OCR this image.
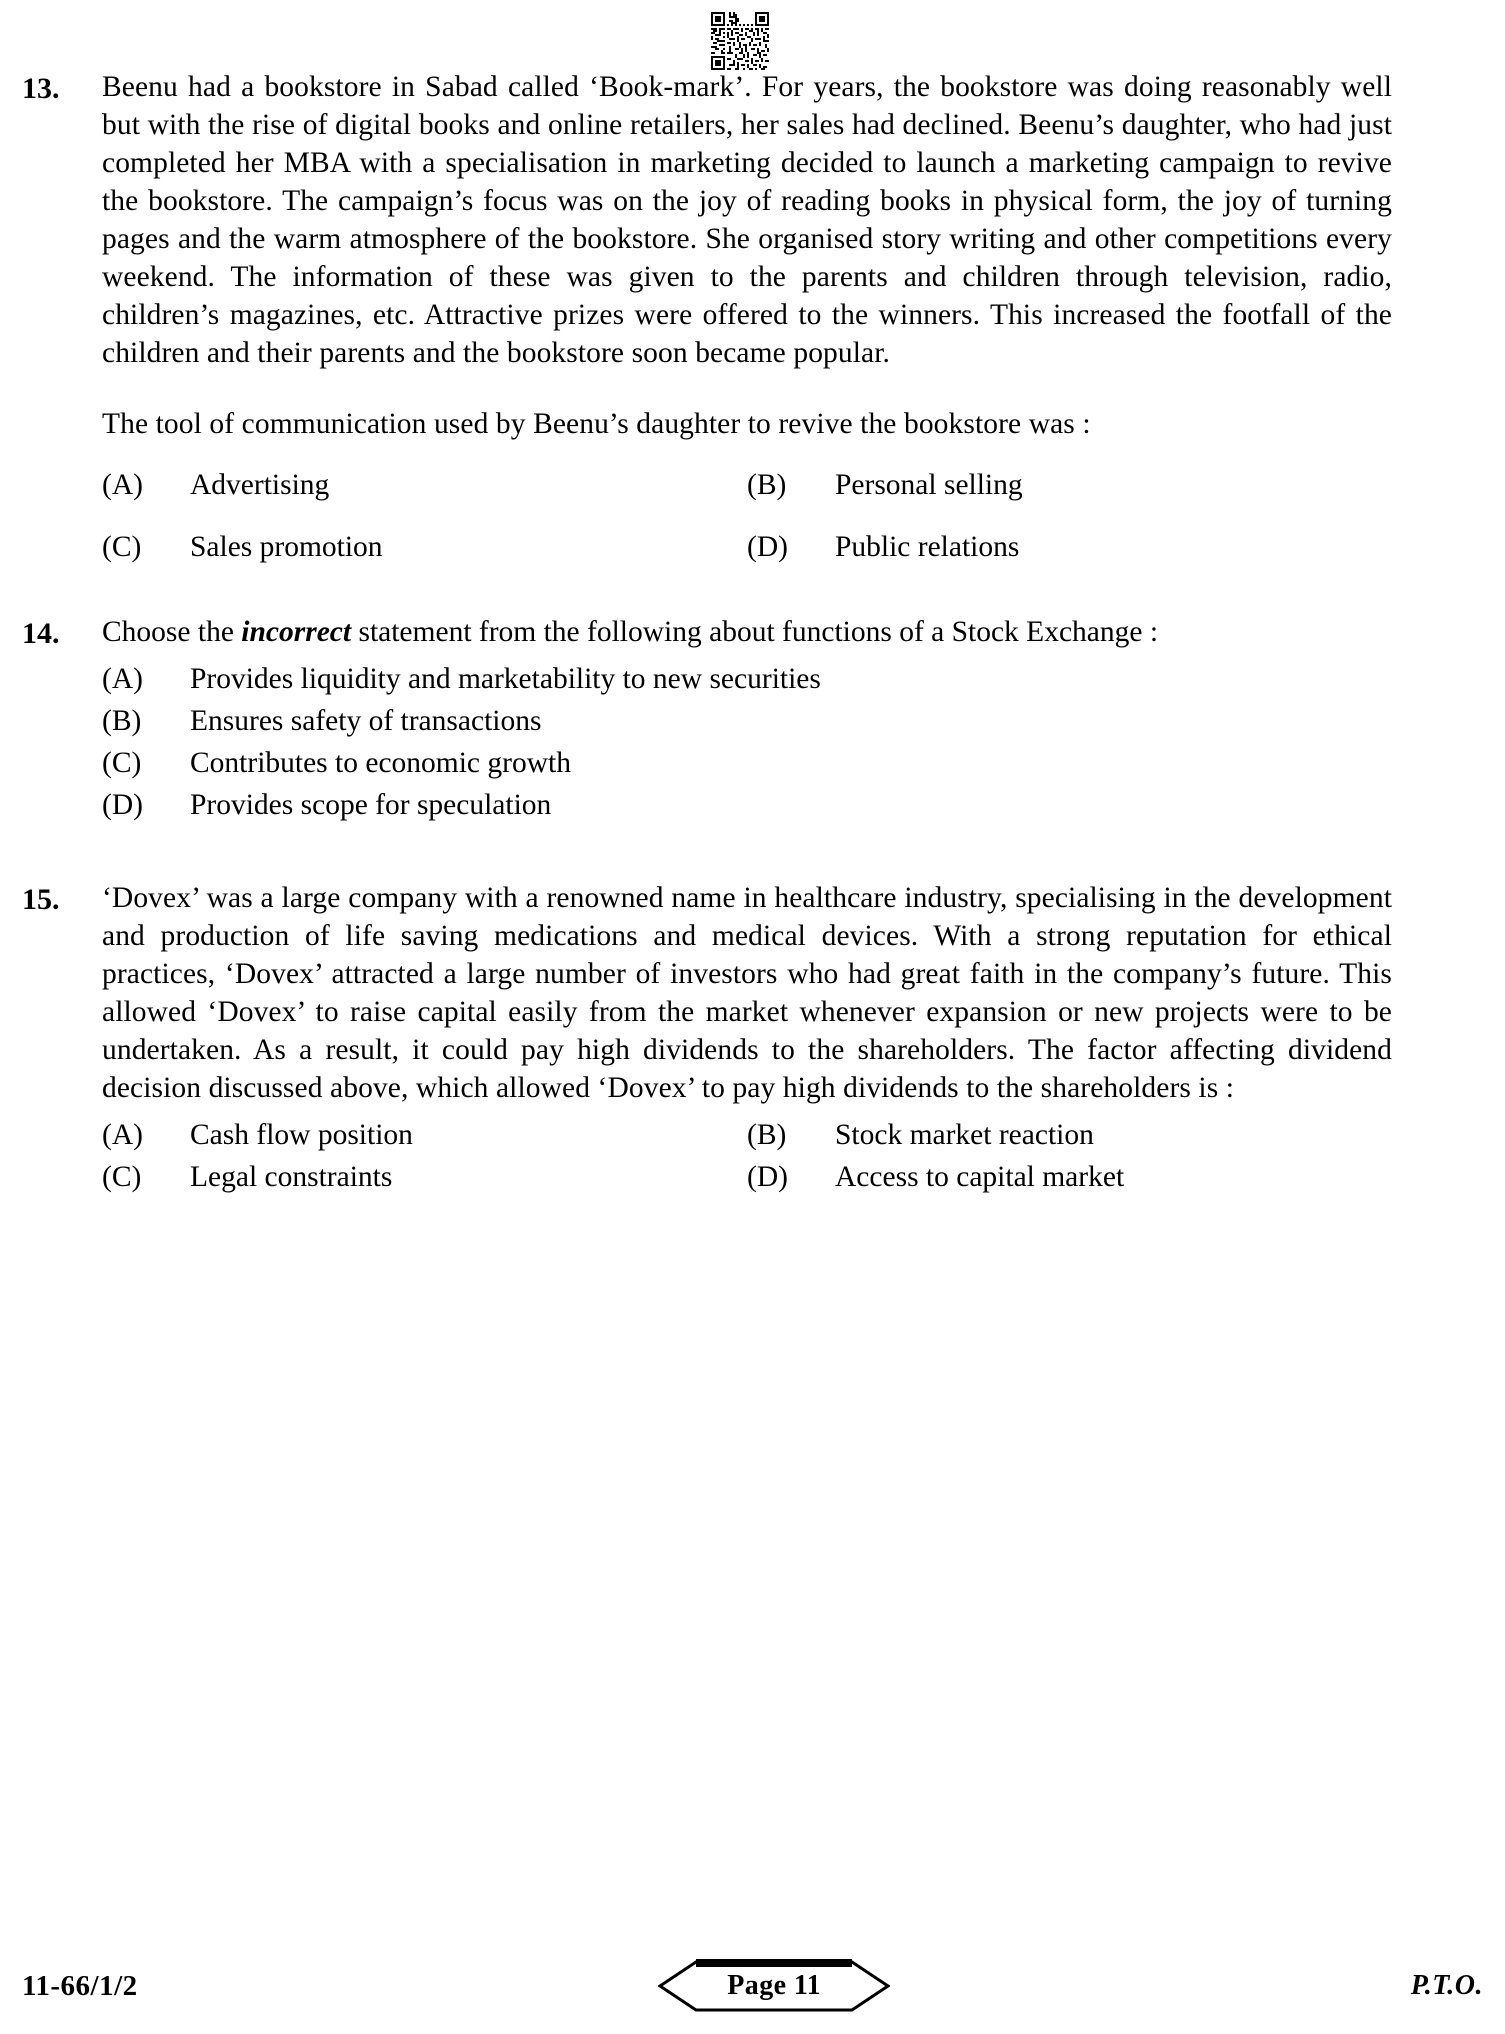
13.	Beenu had a bookstore in Sabad called ‘Book-mark’. For years, the bookstore was doing reasonably well but with the rise of digital books and online retailers, her sales had declined. Beenu’s daughter, who had just completed her MBA with a specialisation in marketing decided to launch a marketing campaign to revive the bookstore. The campaign’s focus was on the joy of reading books in physical form, the joy of turning pages and the warm atmosphere of the bookstore. She organised story writing and other competitions every weekend. The information of these was given to the parents and children through television, radio, children’s magazines, etc. Attractive prizes were offered to the winners. This increased the footfall of the children and their parents and the bookstore soon became popular.

The tool of communication used by Beenu’s daughter to revive the bookstore was :

(A)	Advertising	(B)	Personal selling
(C)	Sales promotion	(D)	Public relations
14.	Choose the incorrect statement from the following about functions of a Stock Exchange :

(A)	Provides liquidity and marketability to new securities
(B)	Ensures safety of transactions
(C)	Contributes to economic growth
(D)	Provides scope for speculation
15.	‘Dovex’ was a large company with a renowned name in healthcare industry, specialising in the development and production of life saving medications and medical devices. With a strong reputation for ethical practices, ‘Dovex’ attracted a large number of investors who had great faith in the company’s future. This allowed ‘Dovex’ to raise capital easily from the market whenever expansion or new projects were to be undertaken. As a result, it could pay high dividends to the shareholders. The factor affecting dividend decision discussed above, which allowed ‘Dovex’ to pay high dividends to the shareholders is :

(A)	Cash flow position	(B)	Stock market reaction
(C)	Legal constraints	(D)	Access to capital market
11-66/1/2	Page 11	P.T.O.
